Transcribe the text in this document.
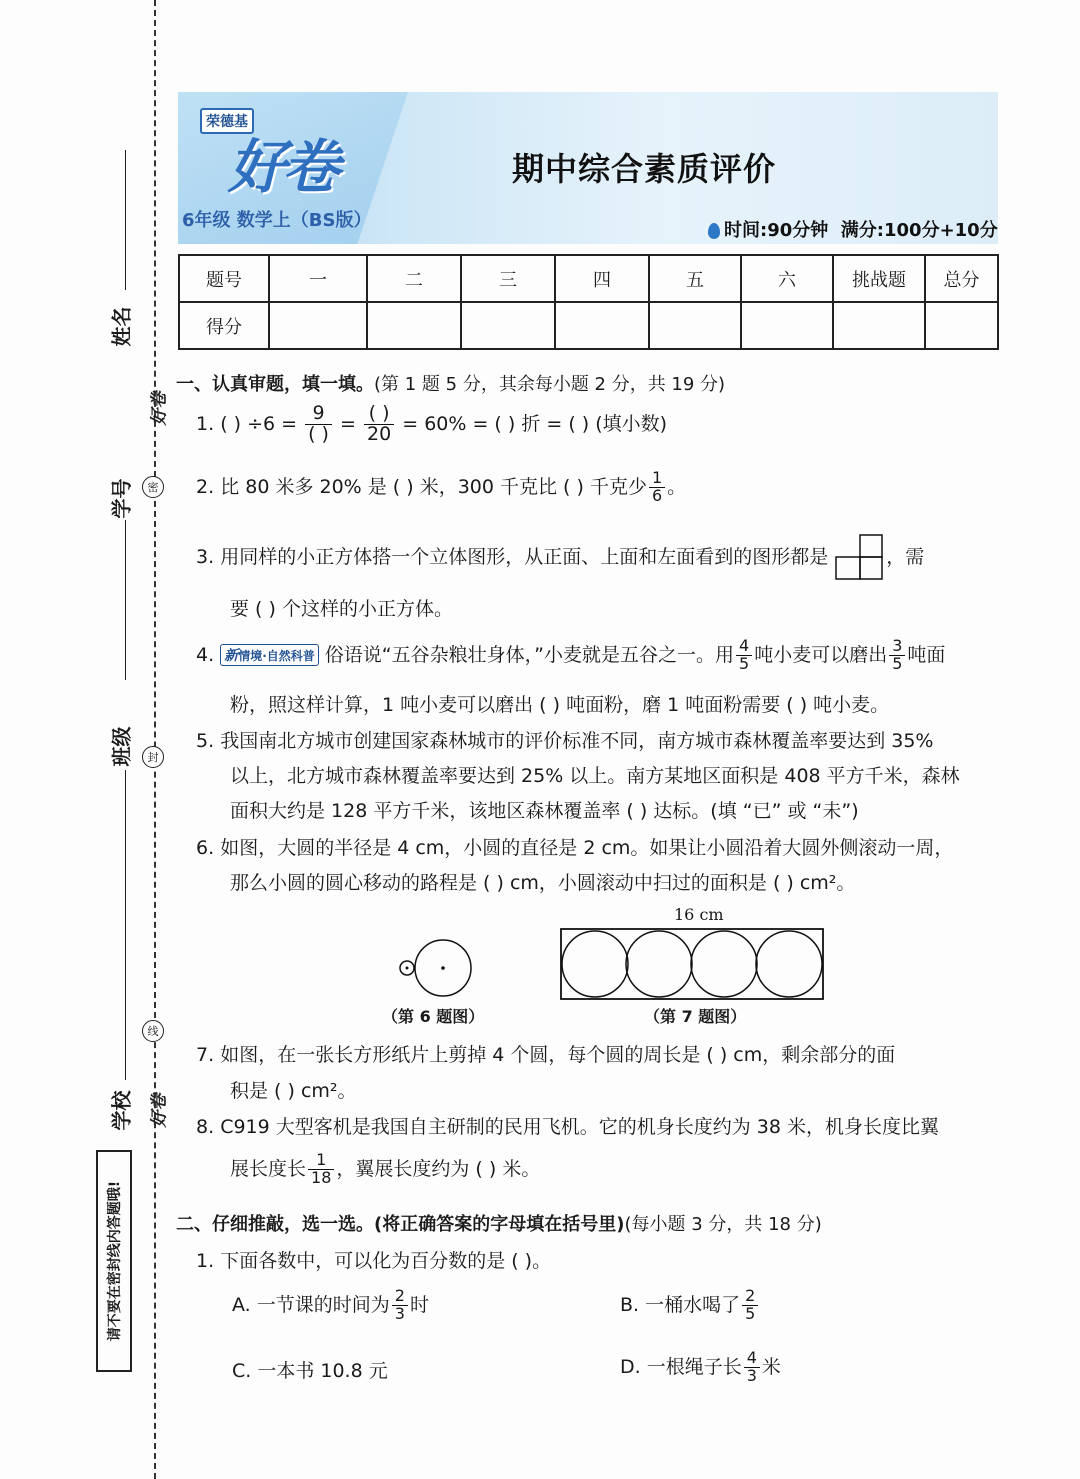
姓名
学号
班级
学校
密
封
线
好卷
好卷
请不要在密封线内答题哦!
荣德基
好卷
6年级 数学上（BS版）
期中综合素质评价
时间:90分钟 满分:100分+10分
题号	一	二	三	四	五	六	挑战题	总分
得分								
一、认真审题，填一填。(第 1 题 5 分，其余每小题 2 分，共 19 分)
1. ( ) $\div 6 = \frac{9}{( )} = \frac{( )}{20} = 60\%$ = ( ) 折 = ( ) (填小数)
2. 比 80 米多 20% 是 ( ) 米，300 千克比 ( ) 千克少 $\frac{1}{6}$ 。
3. 用同样的小正方体搭一个立体图形，从正面、上面和左面看到的图形都是	，需
要 ( ) 个这样的小正方体。
4. 新情境·自然科普 俗语说“五谷杂粮壮身体，”小麦就是五谷之一。用 $\frac{4}{5}$ 吨小麦可以磨出 $\frac{3}{5}$ 吨面
粉，照这样计算，1 吨小麦可以磨出 ( ) 吨面粉，磨 1 吨面粉需要 ( ) 吨小麦。
5. 我国南北方城市创建国家森林城市的评价标准不同，南方城市森林覆盖率要达到 35%
以上，北方城市森林覆盖率要达到 25% 以上。南方某地区面积是 408 平方千米，森林
面积大约是 128 平方千米，该地区森林覆盖率 ( ) 达标。(填 “已” 或 “未”)
6. 如图，大圆的半径是 4 cm，小圆的直径是 2 cm。如果让小圆沿着大圆外侧滚动一周，
那么小圆的圆心移动的路程是 ( ) cm，小圆滚动中扫过的面积是 ( ) cm²。
（第 6 题图）
16 cm
（第 7 题图）
7. 如图，在一张长方形纸片上剪掉 4 个圆，每个圆的周长是 ( ) cm，剩余部分的面
积是 ( ) cm²。
8. C919 大型客机是我国自主研制的民用飞机。它的机身长度约为 38 米，机身长度比翼
展长度长 $\frac{1}{18}$ ，翼展长度约为 ( ) 米。
二、仔细推敲，选一选。(将正确答案的字母填在括号里)(每小题 3 分，共 18 分)
1. 下面各数中，可以化为百分数的是 ( )。
A. 一节课的时间为 $\frac{2}{3}$ 时	B. 一桶水喝了 $\frac{2}{5}$
C. 一本书 10.8 元	D. 一根绳子长 $\frac{4}{3}$ 米
